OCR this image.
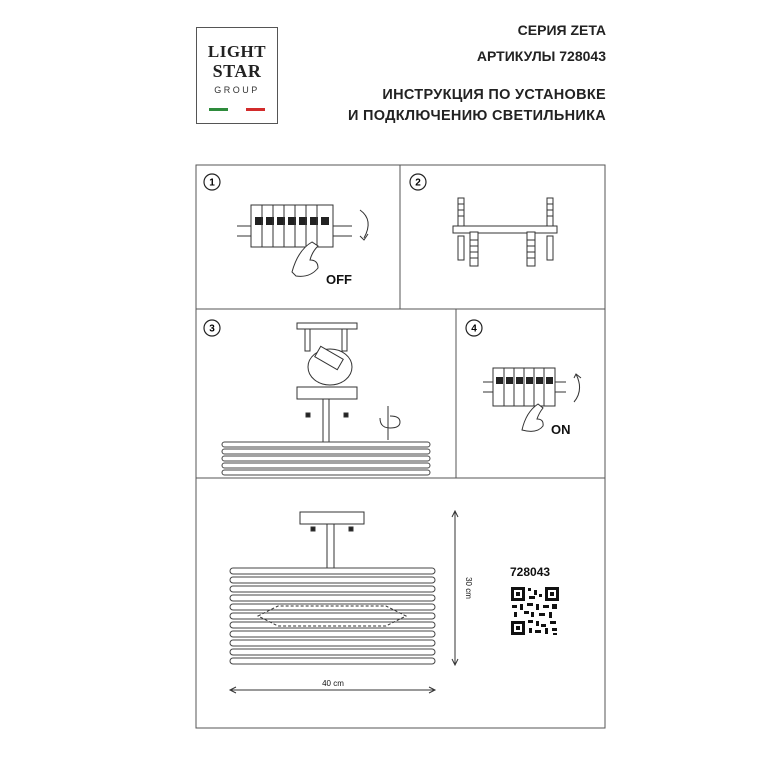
LIGHT
STAR
GROUP
СЕРИЯ ZETA
АРТИКУЛЫ 728043
ИНСТРУКЦИЯ ПО УСТАНОВКЕ
И ПОДКЛЮЧЕНИЮ СВЕТИЛЬНИКА
1
OFF
2
3	4
ON
30 cm
40 cm
728043
